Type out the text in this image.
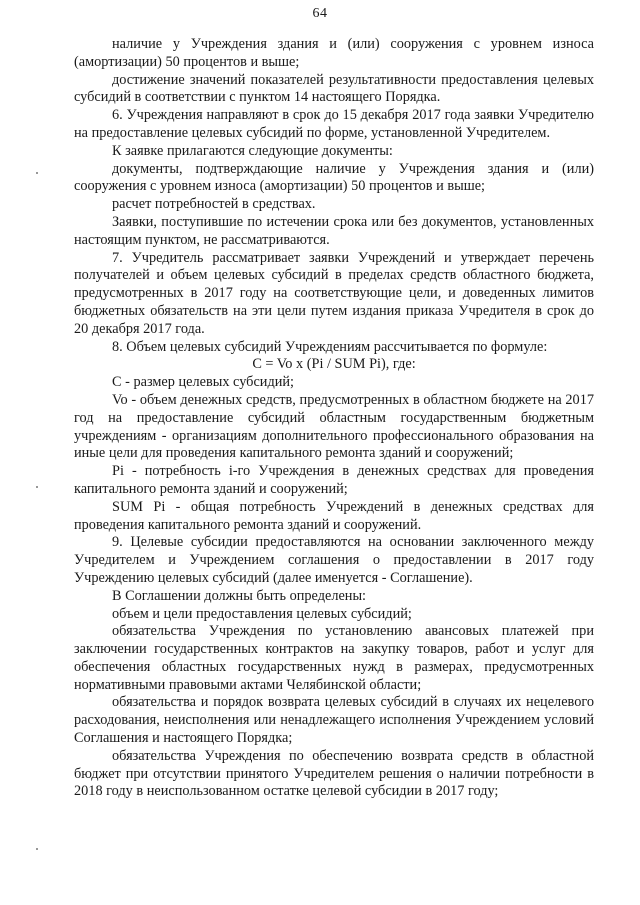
64

наличие у Учреждения здания и (или) сооружения с уровнем износа (амортизации) 50 процентов и выше;

достижение значений показателей результативности предоставления целевых субсидий в соответствии с пунктом 14 настоящего Порядка.

6. Учреждения направляют в срок до 15 декабря 2017 года заявки Учредителю на предоставление целевых субсидий по форме, установленной Учредителем.

К заявке прилагаются следующие документы:

документы, подтверждающие наличие у Учреждения здания и (или) сооружения с уровнем износа (амортизации) 50 процентов и выше;

расчет потребностей в средствах.

Заявки, поступившие по истечении срока или без документов, установленных настоящим пунктом, не рассматриваются.

7. Учредитель рассматривает заявки Учреждений и утверждает перечень получателей и объем целевых субсидий в пределах средств областного бюджета, предусмотренных в 2017 году на соответствующие цели, и доведенных лимитов бюджетных обязательств на эти цели путем издания приказа Учредителя в срок до 20 декабря 2017 года.

8. Объем целевых субсидий Учреждениям рассчитывается по формуле:

C = Vo x (Pi / SUM Pi), где:

С - размер целевых субсидий;

Vo - объем денежных средств, предусмотренных в областном бюджете на 2017 год на предоставление субсидий областным государственным бюджетным учреждениям - организациям дополнительного профессионального образования на иные цели для проведения капитального ремонта зданий и сооружений;

Pi - потребность i-го Учреждения в денежных средствах для проведения капитального ремонта зданий и сооружений;

SUM Pi - общая потребность Учреждений в денежных средствах для проведения капитального ремонта зданий и сооружений.

9. Целевые субсидии предоставляются на основании заключенного между Учредителем и Учреждением соглашения о предоставлении в 2017 году Учреждению целевых субсидий (далее именуется - Соглашение).

В Соглашении должны быть определены:

объем и цели предоставления целевых субсидий;

обязательства Учреждения по установлению авансовых платежей при заключении государственных контрактов на закупку товаров, работ и услуг для обеспечения областных государственных нужд в размерах, предусмотренных нормативными правовыми актами Челябинской области;

обязательства и порядок возврата целевых субсидий в случаях их нецелевого расходования, неисполнения или ненадлежащего исполнения Учреждением условий Соглашения и настоящего Порядка;

обязательства Учреждения по обеспечению возврата средств в областной бюджет при отсутствии принятого Учредителем решения о наличии потребности в 2018 году в неиспользованном остатке целевой субсидии в 2017 году;
